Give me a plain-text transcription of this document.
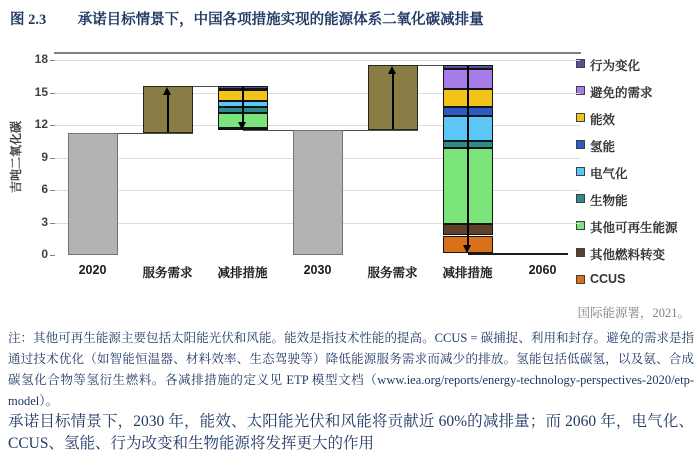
图 2.3 承诺目标情景下，中国各项措施实现的能源体系二氧化碳减排量
吉吨二氧化碳
行为变化
避免的需求
能效
氢能
电气化
生物能
其他可再生能源
其他燃料转变
CCUS
0
3
6
9
12
15
18
2020	服务需求	减排措施	2030	服务需求	减排措施	2060
国际能源署，2021。
注：其他可再生能源主要包括太阳能光伏和风能。能效是指技术性能的提高。CCUS = 碳捕捉、利用和封存。避免的需求是指通过技术优化（如智能恒温器、材料效率、生态驾驶等）降低能源服务需求而减少的排放。氢能包括低碳氢，以及氨、合成碳氢化合物等氢衍生燃料。各减排措施的定义见 ETP 模型文档（www.iea.org/reports/energy-technology-perspectives-2020/etp-model）。
承诺目标情景下，2030 年，能效、太阳能光伏和风能将贡献近 60%的减排量；而 2060 年，电气化、CCUS、氢能、行为改变和生物能源将发挥更大的作用
